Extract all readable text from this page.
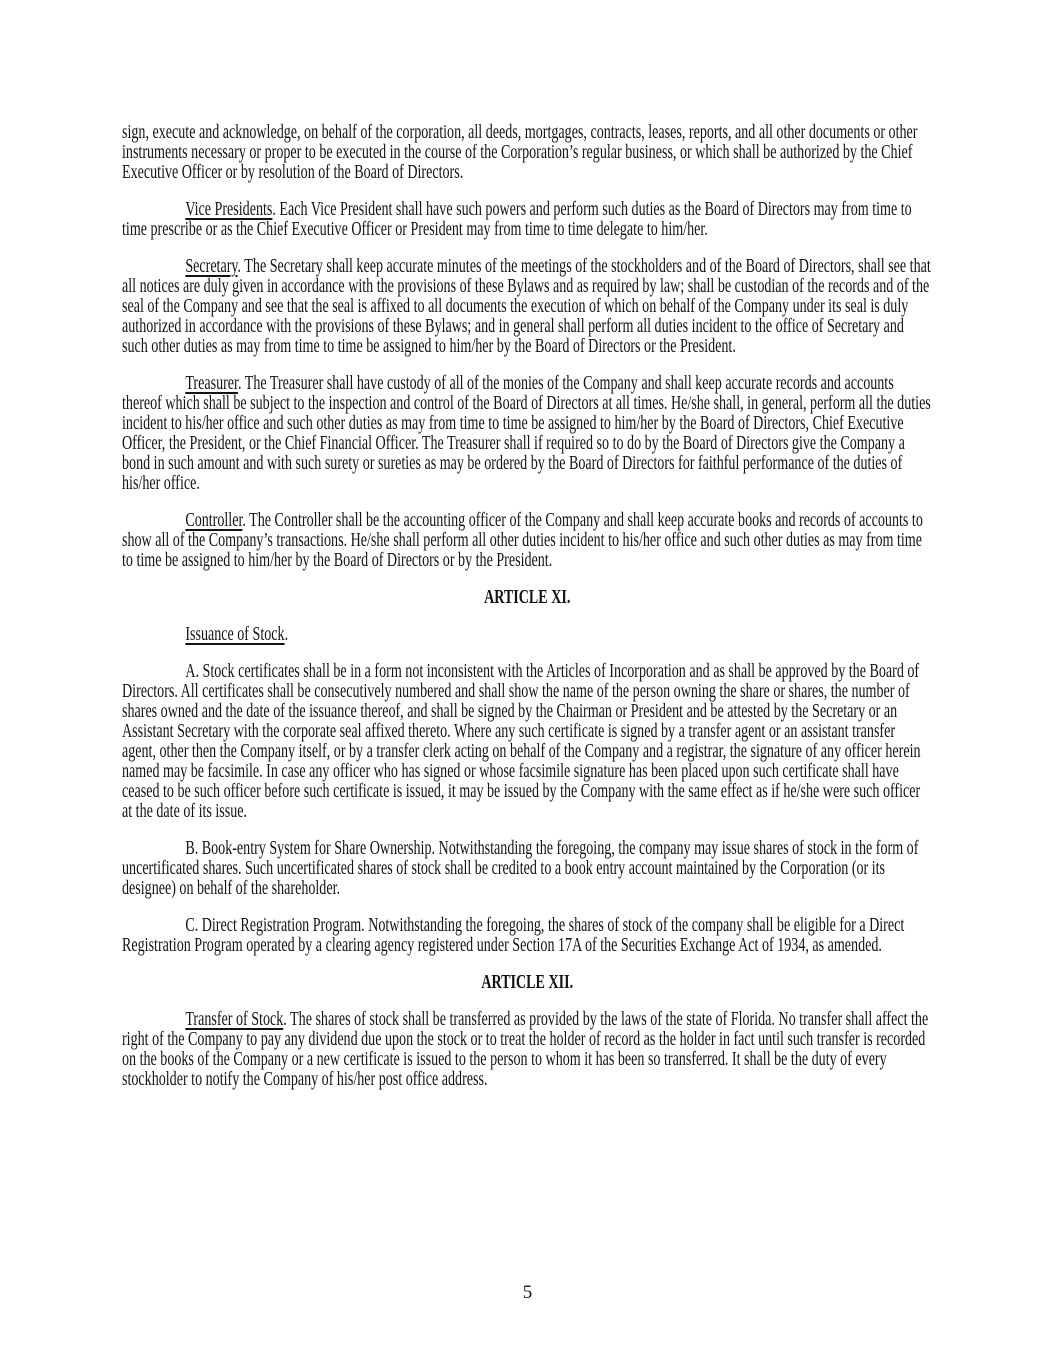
sign, execute and acknowledge, on behalf of the corporation, all deeds, mortgages, contracts, leases, reports, and all other documents or other instruments necessary or proper to be executed in the course of the Corporation’s regular business, or which shall be authorized by the Chief Executive Officer or by resolution of the Board of Directors.

Vice Presidents. Each Vice President shall have such powers and perform such duties as the Board of Directors may from time to time prescribe or as the Chief Executive Officer or President may from time to time delegate to him/her.

Secretary. The Secretary shall keep accurate minutes of the meetings of the stockholders and of the Board of Directors, shall see that all notices are duly given in accordance with the provisions of these Bylaws and as required by law; shall be custodian of the records and of the seal of the Company and see that the seal is affixed to all documents the execution of which on behalf of the Company under its seal is duly authorized in accordance with the provisions of these Bylaws; and in general shall perform all duties incident to the office of Secretary and such other duties as may from time to time be assigned to him/her by the Board of Directors or the President.

Treasurer. The Treasurer shall have custody of all of the monies of the Company and shall keep accurate records and accounts thereof which shall be subject to the inspection and control of the Board of Directors at all times. He/she shall, in general, perform all the duties incident to his/her office and such other duties as may from time to time be assigned to him/her by the Board of Directors, Chief Executive Officer, the President, or the Chief Financial Officer. The Treasurer shall if required so to do by the Board of Directors give the Company a bond in such amount and with such surety or sureties as may be ordered by the Board of Directors for faithful performance of the duties of his/her office.

Controller. The Controller shall be the accounting officer of the Company and shall keep accurate books and records of accounts to show all of the Company’s transactions. He/she shall perform all other duties incident to his/her office and such other duties as may from time to time be assigned to him/her by the Board of Directors or by the President.

ARTICLE XI.

Issuance of Stock.

A. Stock certificates shall be in a form not inconsistent with the Articles of Incorporation and as shall be approved by the Board of Directors. All certificates shall be consecutively numbered and shall show the name of the person owning the share or shares, the number of shares owned and the date of the issuance thereof, and shall be signed by the Chairman or President and be attested by the Secretary or an Assistant Secretary with the corporate seal affixed thereto. Where any such certificate is signed by a transfer agent or an assistant transfer agent, other then the Company itself, or by a transfer clerk acting on behalf of the Company and a registrar, the signature of any officer herein named may be facsimile. In case any officer who has signed or whose facsimile signature has been placed upon such certificate shall have ceased to be such officer before such certificate is issued, it may be issued by the Company with the same effect as if he/she were such officer at the date of its issue.

B. Book-entry System for Share Ownership. Notwithstanding the foregoing, the company may issue shares of stock in the form of uncertificated shares. Such uncertificated shares of stock shall be credited to a book entry account maintained by the Corporation (or its designee) on behalf of the shareholder.

C. Direct Registration Program. Notwithstanding the foregoing, the shares of stock of the company shall be eligible for a Direct Registration Program operated by a clearing agency registered under Section 17A of the Securities Exchange Act of 1934, as amended.

ARTICLE XII.

Transfer of Stock. The shares of stock shall be transferred as provided by the laws of the state of Florida. No transfer shall affect the right of the Company to pay any dividend due upon the stock or to treat the holder of record as the holder in fact until such transfer is recorded on the books of the Company or a new certificate is issued to the person to whom it has been so transferred. It shall be the duty of every stockholder to notify the Company of his/her post office address.

5
